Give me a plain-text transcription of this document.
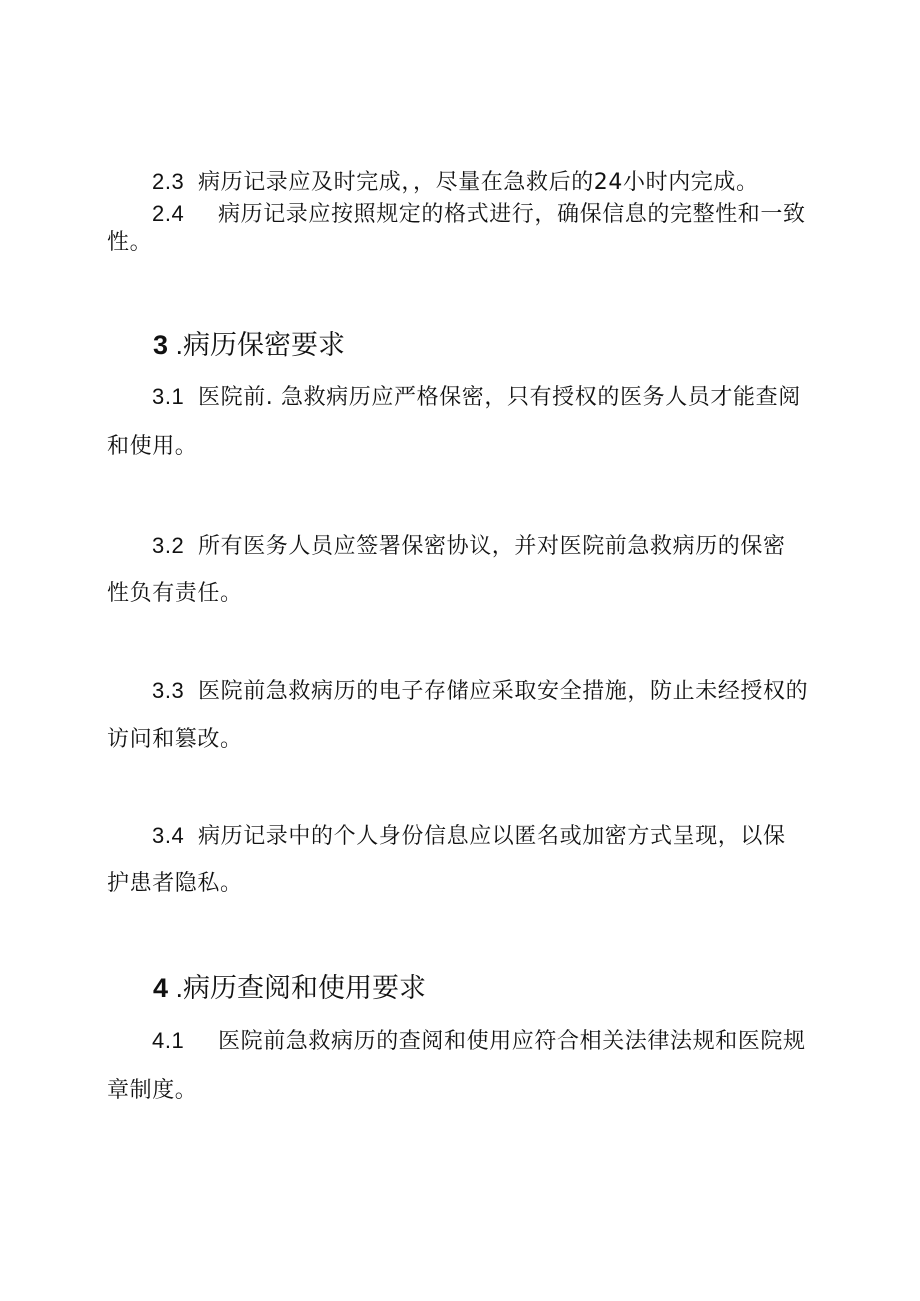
2.3 病历记录应及时完成，，尽量在急救后的24小时内完成。
2.4 病历记录应按照规定的格式进行，确保信息的完整性和一致
性。
3 .病历保密要求
3.1 医院前. 急救病历应严格保密，只有授权的医务人员才能查阅
和使用。
3.2 所有医务人员应签署保密协议，并对医院前急救病历的保密
性负有责任。
3.3 医院前急救病历的电子存储应采取安全措施，防止未经授权的
访问和篡改。
3.4 病历记录中的个人身份信息应以匿名或加密方式呈现，以保
护患者隐私。
4 .病历查阅和使用要求
4.1 医院前急救病历的查阅和使用应符合相关法律法规和医院规
章制度。
